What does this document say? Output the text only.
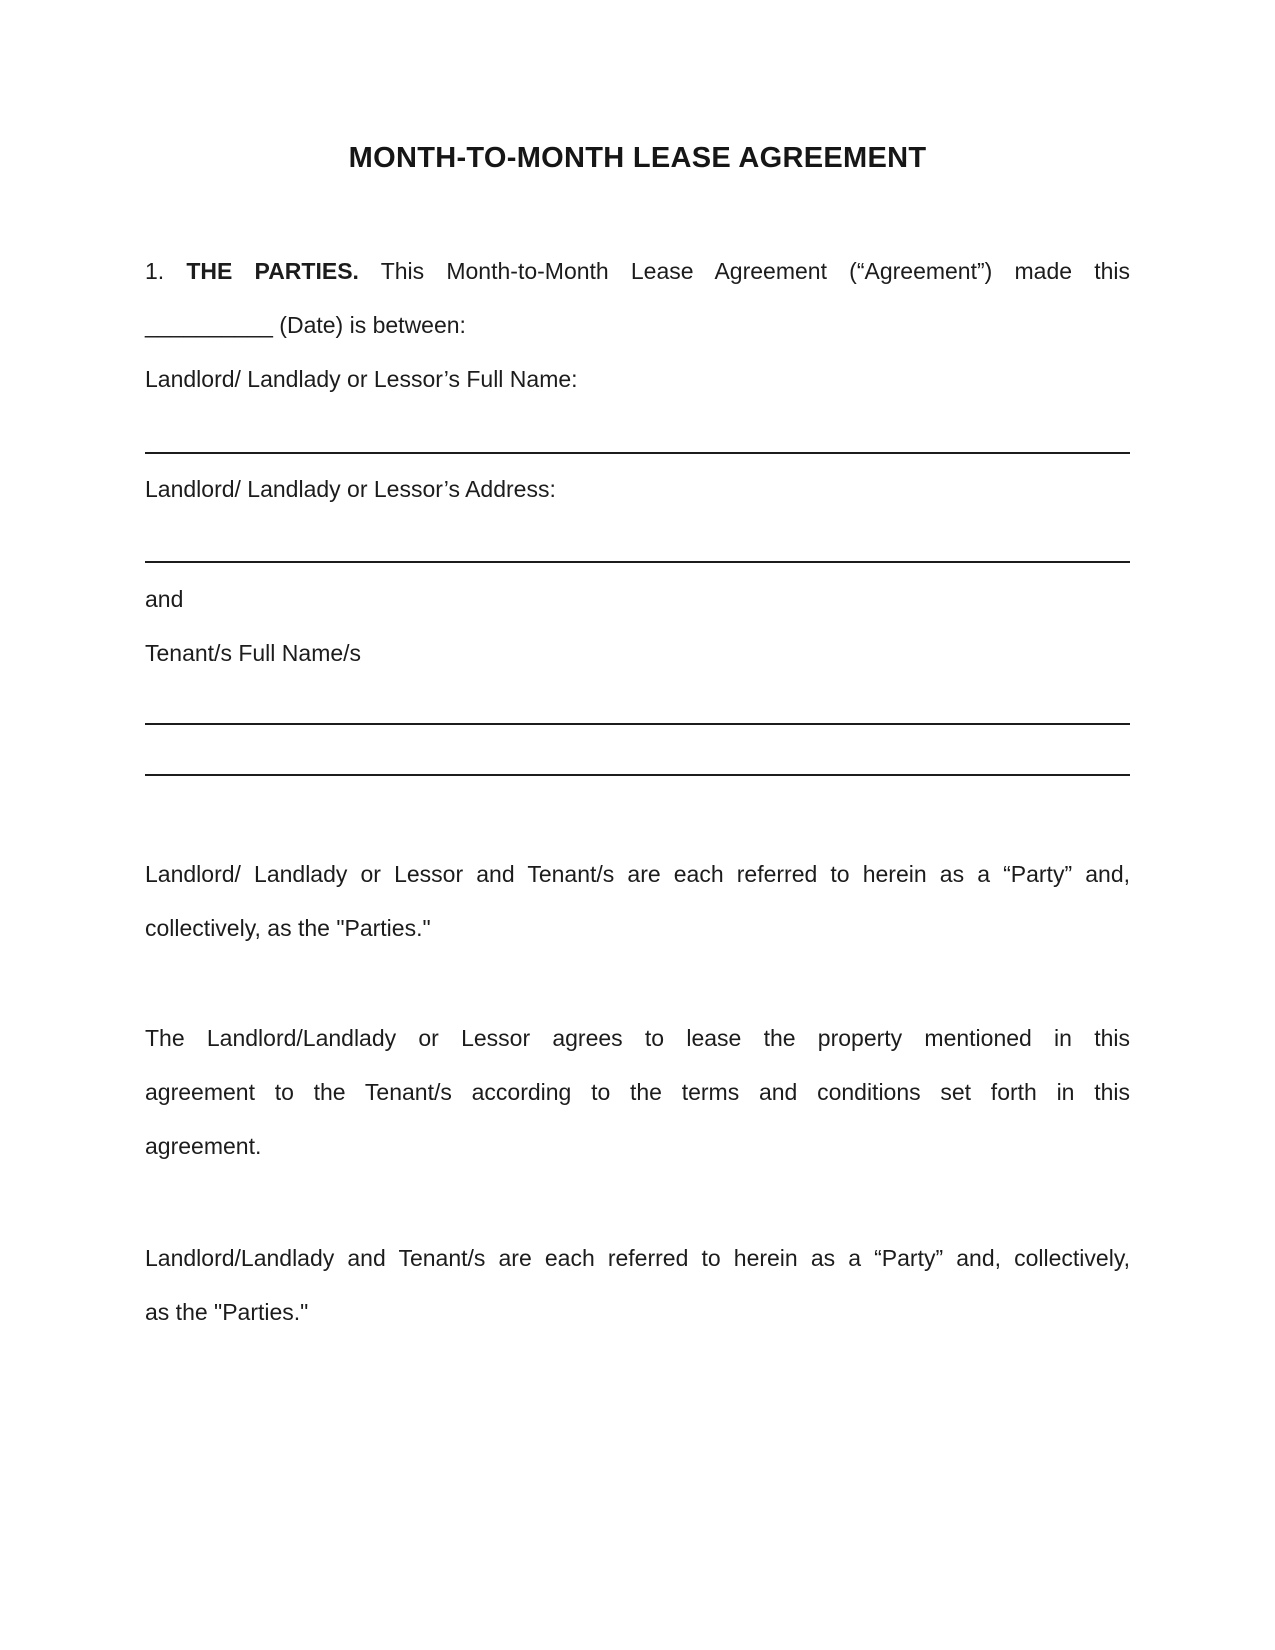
MONTH-TO-MONTH LEASE AGREEMENT
1. THE PARTIES. This Month-to-Month Lease Agreement (“Agreement”) made this
__________ (Date) is between:
Landlord/ Landlady or Lessor’s Full Name:
Landlord/ Landlady or Lessor’s Address:
and
Tenant/s Full Name/s
Landlord/ Landlady or Lessor and Tenant/s are each referred to herein as a “Party” and,
collectively, as the "Parties."
The Landlord/Landlady or Lessor agrees to lease the property mentioned in this
agreement to the Tenant/s according to the terms and conditions set forth in this
agreement.
Landlord/Landlady and Tenant/s are each referred to herein as a “Party” and, collectively,
as the "Parties."
